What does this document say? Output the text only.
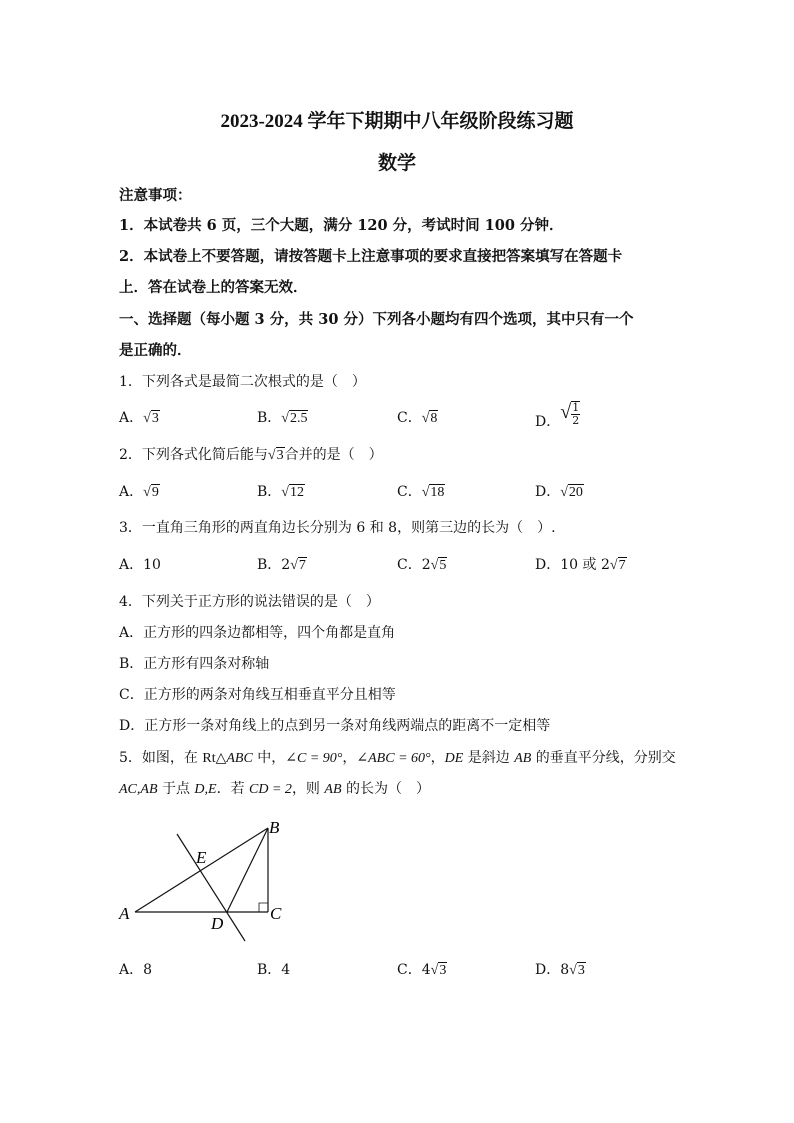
2023-2024 学年下期期中八年级阶段练习题
数学
注意事项：
1．本试卷共 6 页，三个大题，满分 120 分，考试时间 100 分钟．
2．本试卷上不要答题，请按答题卡上注意事项的要求直接把答案填写在答题卡
上．答在试卷上的答案无效．
一、选择题（每小题 3 分，共 30 分）下列各小题均有四个选项，其中只有一个
是正确的．
1．下列各式是最简二次根式的是（　）
A．√3	B．√2.5	C．√8	D．√ $\frac{1}{2}$
2．下列各式化简后能与√3合并的是（　）
A．√9	B．√12	C．√18	D．√20
3．一直角三角形的两直角边长分别为 6 和 8，则第三边的长为（　）.
A．10	B．2√7	C．2√5	D．10 或 2√7
4．下列关于正方形的说法错误的是（　）
A．正方形的四条边都相等，四个角都是直角
B．正方形有四条对称轴
C．正方形的两条对角线互相垂直平分且相等
D．正方形一条对角线上的点到另一条对角线两端点的距离不一定相等
5．如图，在 Rt△ABC 中，∠C = 90°，∠ABC = 60°，DE 是斜边 AB 的垂直平分线，分别交
AC,AB 于点 D,E．若 CD = 2，则 AB 的长为（　）
A
B
C
D
E
A．8	B．4	C．4√3	D．8√3
